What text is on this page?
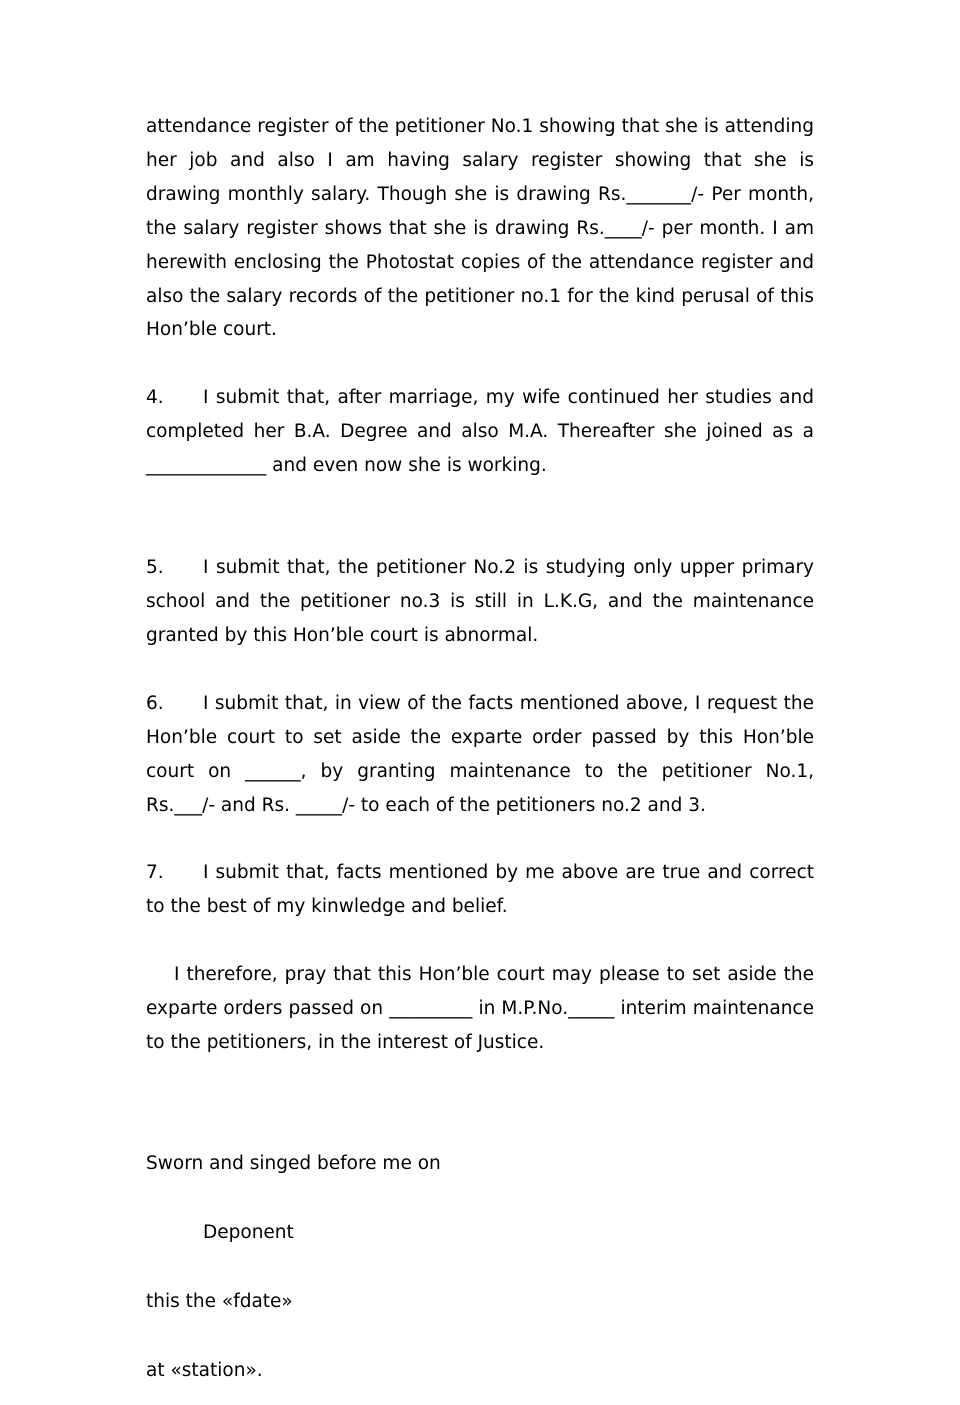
attendance register of the petitioner No.1 showing that she is attending her job and also I am having salary register showing that she is drawing monthly salary. Though she is drawing Rs._______/- Per month, the salary register shows that she is drawing Rs.____/- per month. I am herewith enclosing the Photostat copies of the attendance register and also the salary records of the petitioner no.1 for the kind perusal of this Hon’ble court.

4. I submit that, after marriage, my wife continued her studies and completed her B.A. Degree and also M.A. Thereafter she joined as a _____________ and even now she is working.

5. I submit that, the petitioner No.2 is studying only upper primary school and the petitioner no.3 is still in L.K.G, and the maintenance granted by this Hon’ble court is abnormal.

6. I submit that, in view of the facts mentioned above, I request the Hon’ble court to set aside the exparte order passed by this Hon’ble court on ______, by granting maintenance to the petitioner No.1, Rs.___/- and Rs. _____/- to each of the petitioners no.2 and 3.

7. I submit that, facts mentioned by me above are true and correct to the best of my kinwledge and belief.

I therefore, pray that this Hon’ble court may please to set aside the exparte orders passed on _________ in M.P.No._____ interim maintenance to the petitioners, in the interest of Justice.

Sworn and singed before me on

Deponent

this the «fdate»

at «station».
